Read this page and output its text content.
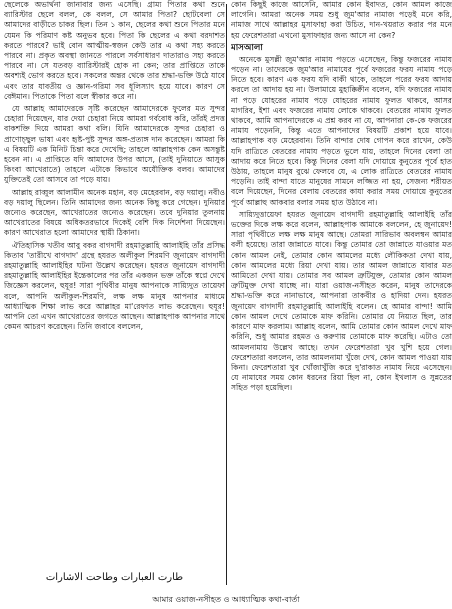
ছেলেকে অভার্থনা জানাবার জন্য এসেছি। গ্রাম্য পিতার কথা শুনে ব্যারিস্টার ছেলে বলল, কে বলল, সে আমার পিতা? ছোটবেলা সে আমাদের বাড়ীতে চাকর ছিল। তিন ১ কান, ছেলের কথা শুনে পিতার মনে যেমন কি পরিমাণ কষ্ট অনুভব হবে। পিতা কি ছেলের এ কথা বরদাশত করতে পারবে? ভাই বোন আত্মীয়-স্বজন কেউ তার এ কথা সহ্য করতে পারবে না। প্রকৃত অবস্থা জানতে পারলে সর্বসাধারণ দাতারাও সহ্য করতে পারবে না। সে যতবড় ব্যারিস্টারই হোক না কেন; তার প্রাপ্তিতে তাকে অবশ্যই ভোগ করতে হবে। সকলের অন্তর থেকে তার শ্রদ্ধা-ভক্তি উঠে যাবে এবং তার যাবতীয় ও জ্ঞান-গরিমা সব ধূলিস্যাৎ হয়ে যাবে। কারণ সে বেঈমান। পিতাকে পিতা বলে স্বীকার করে না।

যে আল্লাহ আমাদেরকে সৃষ্টি করেছেন আমাদেরকে ফুলের মত সুন্দর চেহারা দিয়েছেন, যার দেয়া চেহারা নিয়ে আমরা গর্ববোধ করি, তাঁরই প্রদত্ত বাকশক্তি দিয়ে আমরা কথা বলি। যিনি আমাদেরকে সুন্দর চেহারা ও প্রাণোচ্ছ্বল ভাষা এবং হৃষ্ট-পুষ্ট সুন্দর অঙ্গ-প্রত্যঙ্গ দান করেছেন। আমরা কি এ বিষয়টি এক মিনিট চিন্তা করে দেখেছি; তাহলে আল্লাহপাক কেন অসন্তুষ্ট হবেন না। এ প্রাপ্তিতে যদি আমাদের উপর আসে, (তাই দুনিয়াতে আসুক কিংবা আখেরাতে) তাহলে এটাকে কিভাবে অযৌক্তিক বলব। আমাদের যুক্তিতেই তো আসবে তা পড়ে যায়।

আল্লাহ রাব্বুল আলামীন অনেক মহান, বড় মেহেরবান, বড় দয়ালু। নবীও বড় দয়ালু ছিলেন। তিনি আমাদের জন্য অনেক কিছু করে গেছেন। দুনিয়ার জন্যেও করেছেন, আখেরাতের জন্যেও করেছেন। তবে দুনিয়ার তুলনায় আখেরাতের বিষয়ে অধিকতরভাবে দিকেই বেশি দিক নির্দেশনা দিয়েছেন। কারণ আখেরাত হলো আমাদের স্থায়ী ঠিকানা।

ঐতিহাসিক খতীব আবু বকর বাগদাদী রহমাতুল্লাহি আলাইহি তাঁর প্রসিদ্ধ কিতাব 'তারীখে বাগদাদ' গ্রন্থে হযরত অলীকুল শিরমণি জুনায়েদ বাগদাদী রহমাতুল্লাহি আলাইহির ঘটনা উল্লেখ করেছেন। হযরত জুনায়েদ বাগদাদী রহমাতুল্লাহি আলাইহির ইন্তেকালের পর তাঁর একজন ভক্ত তাঁকে স্বপ্নে দেখে জিজ্ঞেস করলেন, হুযূর! সারা পৃথিবীর মানুষ আপনাকে সায়্যিদুত তায়েফা বলে, আপনি অলীকুল-শিরমণি, লক্ষ লক্ষ মানুষ আপনার মাধ্যমে আধ্যাত্মিক শিক্ষা লাভ করে আল্লাহর মা'রেফাত লাভ করেছেন। হুযূর! আপনি তো এখন আখেরাতের জগতে আছেন। আল্লাহপাক আপনার সাথে কেমন আচরণ করেছেন। তিনি জবাবে বললেন,

طارت العبارات وطاحت الاشارات

কোন কিছুই কাজে আসেনি, আমার কোন ইবাদত, কোন আমল কাজে লাগেনি। আমরা অনেক সময় শুধু জুম'আর নামাজ পড়েই মনে করি, নামাজ সাথে আল্লাহর মুসাফাহা করা উচিত, দান-খয়রাত করার পর মনে হয় ফেরেশতারা এখনো মুসাফাহার জন্য আসে না কেন?

মাসআলা

অনেকে মুসল্লী জুম'আর নামায পড়তে এসেছেন, কিন্তু ফজরের নামায পড়েন না। তাদেরকে জুম'আর নামাযের পূর্বে ফজরের ফরয নামায পড়ে নিতে হবে। কারণ এক ফরয যদি বাকী থাকে, তাহলে পরের ফরয আদায় করলে তা আদায় হয় না। উলামায়ে মুহাক্কিক্বীন বলেন, যদি ফজরের নামায না পড়ে যোহরের নামায পড়ে যোহরের নামায ফুলত থাকবে, আসর মাগরিব, ইশা এবং ফজরের নামায লোকে থাকবে। বেতরের নামায ফুলত থাকবে, আমি আপনাদেরকে এ প্রশ্ন করব না যে, আপনারা কে-কে ফজরের নামায পড়েননি, কিন্তু এতে আপনাদের বিষয়টি প্রকাশ হয়ে যাবে। আল্লাহপাক বড় মেহেরবান। তিনি বান্দার দোষ গোপন করে রাখেন, কেউ যদি রাত্রিতে বেতরের নামায পড়তে ভুলে যায়, তাহলে দিনের বেলা তা আদায় করে নিতে হবে। কিন্তু দিনের বেলা যদি দোয়ায়ে কুনুতের পূর্বে হাত উঠায়, তাহলে মানুষ বুঝে ফেলবে যে, এ লোক রাত্রিতে বেতরের নামায পড়েনি। তাই বান্দা যাতে মানুষের সামনে লজ্জিত না হয়, সেজন্য শরীয়ত বলে দিয়েছেন, দিনের বেলায় বেতরের কাযা করার সময় দোয়ায়ে কুনুতের পূর্বে আল্লাহু আকবার বলার সময় হাত উঠাবে না।

সায়্যিদুত্তায়েফা হযরত জুনায়েদ বাগদাদী রহমাতুল্লাহি আলাইহি তাঁর ভক্তের দিকে লক্ষ করে বলেন, আল্লাহপাক আমাকে বললেন, হে জুনায়েদ! সারা পৃথিবীতে লক্ষ লক্ষ মানুষ আছে। তোমরা সারিভাব অবলম্বন আমার বলী হয়েছে। তারা জান্নাতে যাবে। কিন্তু তোমার তো জান্নাতে যাওয়ার মত কোন আমল নেই, তোমার কোন আমলের মধ্যে লৌকিকতা দেখা যায়, কোন আমলের মধ্যে রিয়া দেখা যায়। তার আমল জান্নাতে যাবার মত আমিতো দেখা যায়। তোমার সব আমল ত্রুটিযুক্ত, তোমার কোন আমল ত্রুটিমুক্ত দেখা যাচ্ছে না। যারা ওয়াজ-নসীহত করেন, মানুষ তাদেরকে শ্রদ্ধা-ভক্তি করে নানাভাবে, আপনারা তাকবীর ও হাদিয়া দেন। হযরত জুনায়েদ বাগদাদী রহমাতুল্লাহি আলাইহি বলেন। হে আমার বান্দা! আমি কোন আমল দেখে তোমাকে মাফ করিনি। তোমার যে নিয়্যত ছিল, তার কারণে মাফ করলাম। আল্লাহ বলেন, আমি তোমার কোন আমল দেখে মাফ করিনি, শুধু আমার রহমত ও করুণায় তোমাকে মাফ করেছি। এটাও তো আমলনামায় উল্লেখ আছে। তখন ফেরেশতারা খুব খুশি হয়ে গেল। ফেরেশতারা বললেন, তার আমলনামা খুঁজে দেখ, কোন আমল পাওয়া যায় কিনা। ফেরেশতারা খুব খোঁজাখুঁজি করে দু'রাকাত নামায নিয়ে এসেছেন। যে নামাযের সময় কোন ধরনের রিয়া ছিল না, কোন ইখলাস ও সুন্নতের সহিত পড়া হয়েছিল।

আমার ওয়াজ-নসীহত ও আধ্যাত্মিক কথা-বার্তা
